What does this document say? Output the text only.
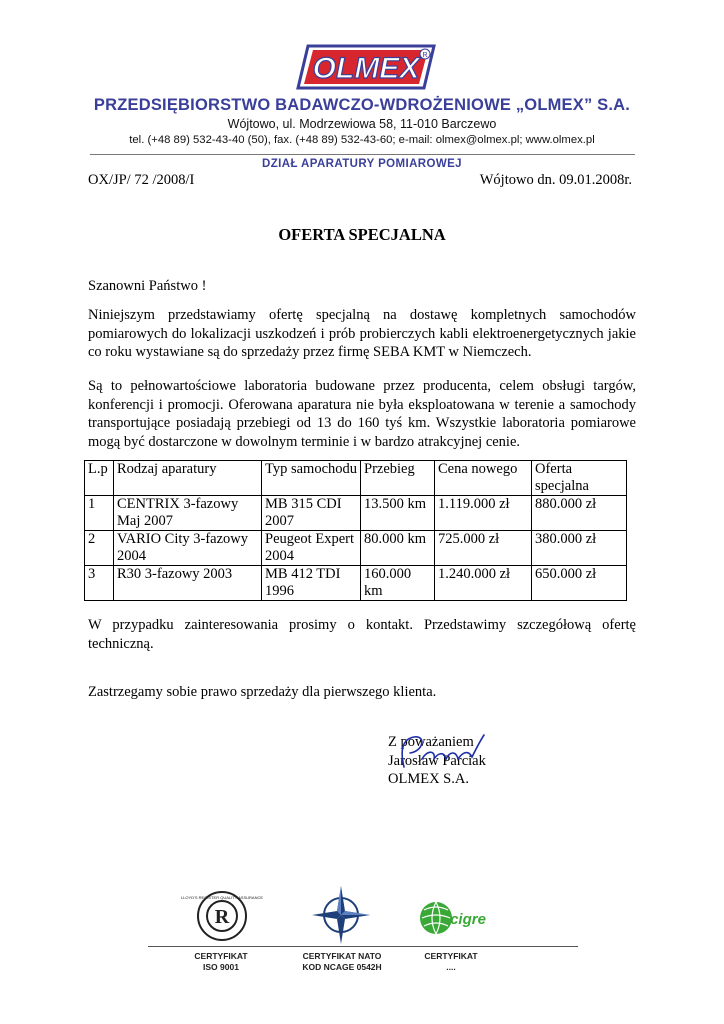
OLMEX R
PRZEDSIĘBIORSTWO BADAWCZO-WDROŻENIOWE „OLMEX” S.A.
Wójtowo, ul. Modrzewiowa 58, 11-010 Barczewo
tel. (+48 89) 532-43-40 (50), fax. (+48 89) 532-43-60; e-mail: olmex@olmex.pl; www.olmex.pl
DZIAŁ APARATURY POMIAROWEJ
OX/JP/ 72 /2008/I	Wójtowo dn. 09.01.2008r.
OFERTA SPECJALNA
Szanowni Państwo !
Niniejszym przedstawiamy ofertę specjalną na dostawę kompletnych samochodów pomiarowych do lokalizacji uszkodzeń i prób probierczych kabli elektroenergetycznych jakie co roku wystawiane są do sprzedaży przez firmę SEBA KMT w Niemczech.
Są to pełnowartościowe laboratoria budowane przez producenta, celem obsługi targów, konferencji i promocji. Oferowana aparatura nie była eksploatowana w terenie a samochody transportujące posiadają przebiegi od 13 do 160 tyś km. Wszystkie laboratoria pomiarowe mogą być dostarczone w dowolnym terminie i w bardzo atrakcyjnej cenie.
L.p	Rodzaj aparatury	Typ samochodu	Przebieg	Cena nowego	Oferta specjalna
1	CENTRIX 3-fazowy Maj 2007	MB 315 CDI 2007	13.500 km	1.119.000 zł	880.000 zł
2	VARIO City 3-fazowy 2004	Peugeot Expert 2004	80.000 km	725.000 zł	380.000 zł
3	R30 3-fazowy 2003	MB 412 TDI 1996	160.000 km	1.240.000 zł	650.000 zł
W przypadku zainteresowania prosimy o kontakt. Przedstawimy szczegółową ofertę techniczną.
Zastrzegamy sobie prawo sprzedaży dla pierwszego klienta.
Z poważaniem
Jarosław Parciak
OLMEX S.A.
R
LLOYD'S REGISTER QUALITY ASSURANCE
cigre
CERTYFIKAT
ISO 9001
CERTYFIKAT NATO
KOD NCAGE 0542H
CERTYFIKAT
....
